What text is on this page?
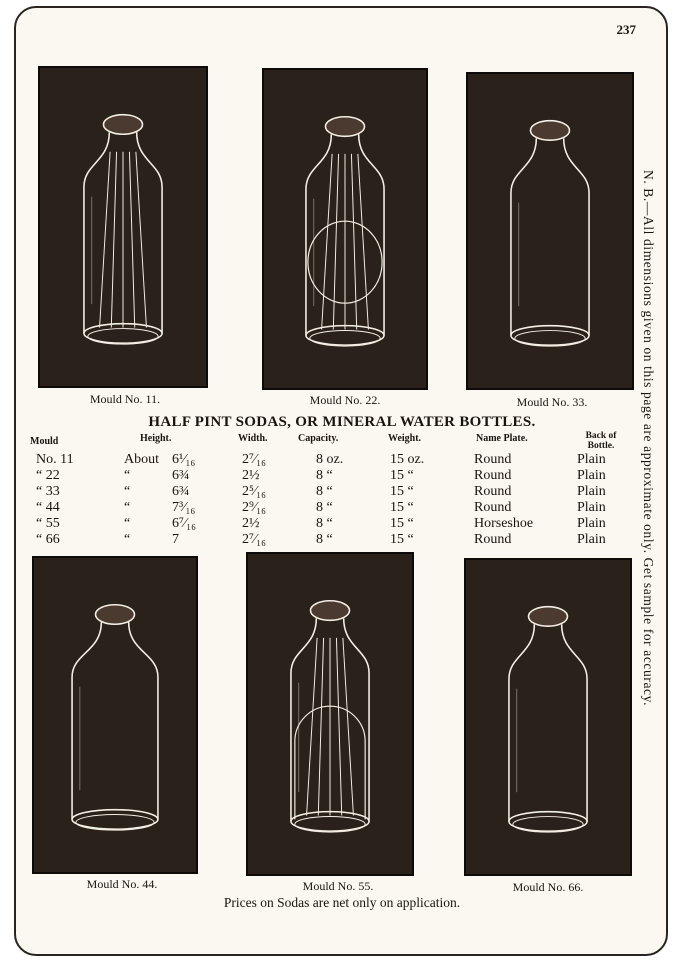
237
Mould No. 11.	Mould No. 22.	Mould No. 33.
HALF PINT SODAS, OR MINERAL WATER BOTTLES.
Mould	Height.	Width.	Capacity.	Weight.	Name Plate.	Back of Bottle.
No. 11	About 6¹⁄₁₆	2⁷⁄₁₆	8 oz.	15 oz.	Round	Plain
“ 22	“	6¾	2½	8 “	15 “	Round	Plain
“ 33	“	6¾	2⁵⁄₁₆	8 “	15 “	Round	Plain
“ 44	“	7³⁄₁₆	2⁹⁄₁₆	8 “	15 “	Round	Plain
“ 55	“	6⁷⁄₁₆	2½	8 “	15 “	Horseshoe	Plain
“ 66	“	7	2⁷⁄₁₆	8 “	15 “	Round	Plain
Mould No. 44.	Mould No. 55.	Mould No. 66.
N. B.—All dimensions given on this page are approximate only. Get sample for accuracy.
Prices on Sodas are net only on application.
